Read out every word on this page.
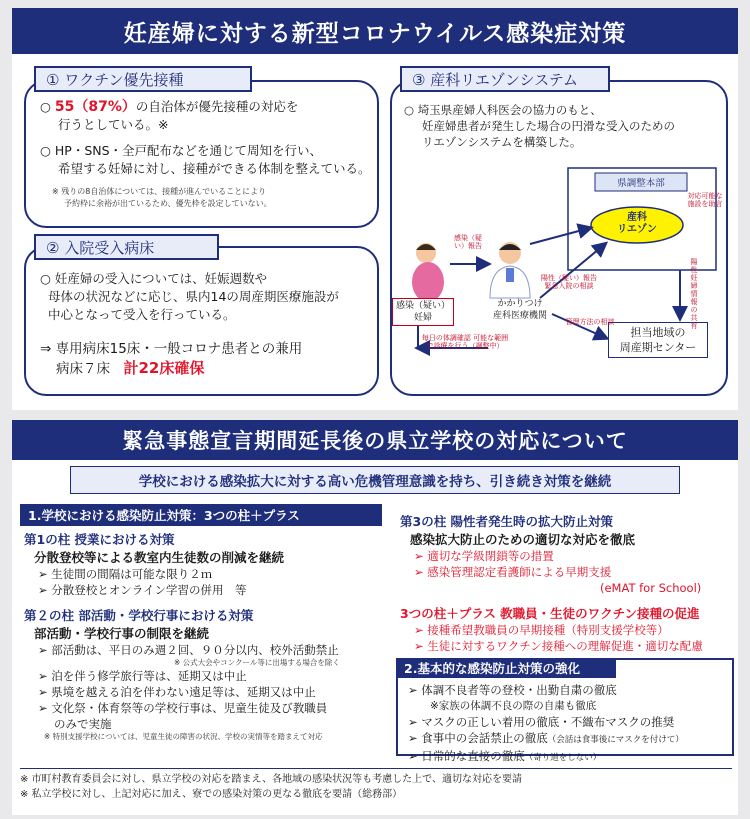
妊産婦に対する新型コロナウイルス感染症対策
① ワクチン優先接種
○ 55（87%）の自治体が優先接種の対応を
行うとしている。※
○ HP・SNS・全戸配布などを通じて周知を行い、
希望する妊婦に対し、接種ができる体制を整えている。
※ 残りの8自治体については、接種が進んでいることにより
予約枠に余裕が出ているため、優先枠を設定していない。
② 入院受入病床
○ 妊産婦の受入については、妊娠週数や
母体の状況などに応じ、県内14の周産期医療施設が
中心となって受入を行っている。
⇒ 専用病床15床・一般コロナ患者との兼用
病床７床　 計22床確保
③ 産科リエゾンシステム
○ 埼玉県産婦人科医会の協力のもと、
妊産婦患者が発生した場合の円滑な受入のための
リエゾンシステムを構築した。
県調整本部
産科
リエゾン
感染（疑い）
妊婦
かかりつけ
産科医療機関
担当地域の
周産期センター
感染（疑い）報告
毎日の体調確認 可能な範囲で診療を行う（調整中）
陽性（疑い）報告 緊急入院の相談
管理方法の相談
対応可能な施設を助言
陽性妊婦情報の共有
緊急事態宣言期間延長後の県立学校の対応について
学校における感染拡大に対する高い危機管理意識を持ち、引き続き対策を継続
1.学校における感染防止対策：3つの柱＋プラス
第1の柱 授業における対策
分散登校等による教室内生徒数の削減を継続
➢ 生徒間の間隔は可能な限り２ｍ
➢ 分散登校とオンライン学習の併用　等
第２の柱 部活動・学校行事における対策
部活動・学校行事の制限を継続
➢ 部活動は、平日のみ週２回、９０分以内、校外活動禁止
※ 公式大会やコンクール等に出場する場合を除く
➢ 泊を伴う修学旅行等は、延期又は中止
➢ 県境を越える泊を伴わない遠足等は、延期又は中止
➢ 文化祭・体育祭等の学校行事は、児童生徒及び教職員
のみで実施
※ 特別支援学校については、児童生徒の障害の状況、学校の実情等を踏まえて対応
第3の柱 陽性者発生時の拡大防止対策
感染拡大防止のための適切な対応を徹底
➢ 適切な学級閉鎖等の措置
➢ 感染管理認定看護師による早期支援
(eMAT for School)
3つの柱＋プラス 教職員・生徒のワクチン接種の促進
➢ 接種希望教職員の早期接種（特別支援学校等）
➢ 生徒に対するワクチン接種への理解促進・適切な配慮
2.基本的な感染防止対策の強化
➢ 体調不良者等の登校・出勤自粛の徹底
※家族の体調不良の際の自粛も徹底
➢ マスクの正しい着用の徹底・不織布マスクの推奨
➢ 食事中の会話禁止の徹底（会話は食事後にマスクを付けて）
➢ 日常的な直接の徹底（寄り道をしない）
※ 市町村教育委員会に対し、県立学校の対応を踏まえ、各地域の感染状況等も考慮した上で、適切な対応を要請
※ 私立学校に対し、上記対応に加え、寮での感染対策の更なる徹底を要請（総務部）
